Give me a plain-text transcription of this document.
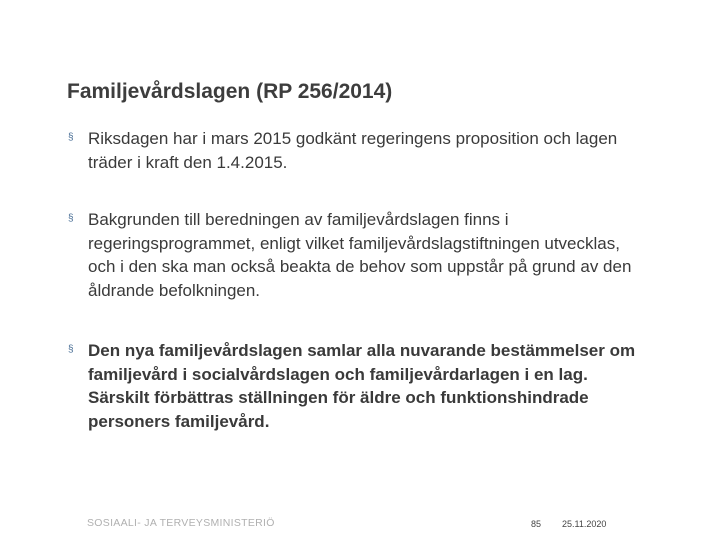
Familjevårdslagen (RP 256/2014)
§ Riksdagen har i mars 2015 godkänt regeringens proposition och lagen träder i kraft den 1.4.2015.
§ Bakgrunden till beredningen av familjevårdslagen finns i regeringsprogrammet, enligt vilket familjevårdslagstiftningen utvecklas, och i den ska man också beakta de behov som uppstår på grund av den åldrande befolkningen.
§ Den nya familjevårdslagen samlar alla nuvarande bestämmelser om familjevård i socialvårdslagen och familjevårdarlagen i en lag. Särskilt förbättras ställningen för äldre och funktionshindrade personers familjevård.
SOSIAALI- JA TERVEYSMINISTERIÖ	85 25.11.2020
